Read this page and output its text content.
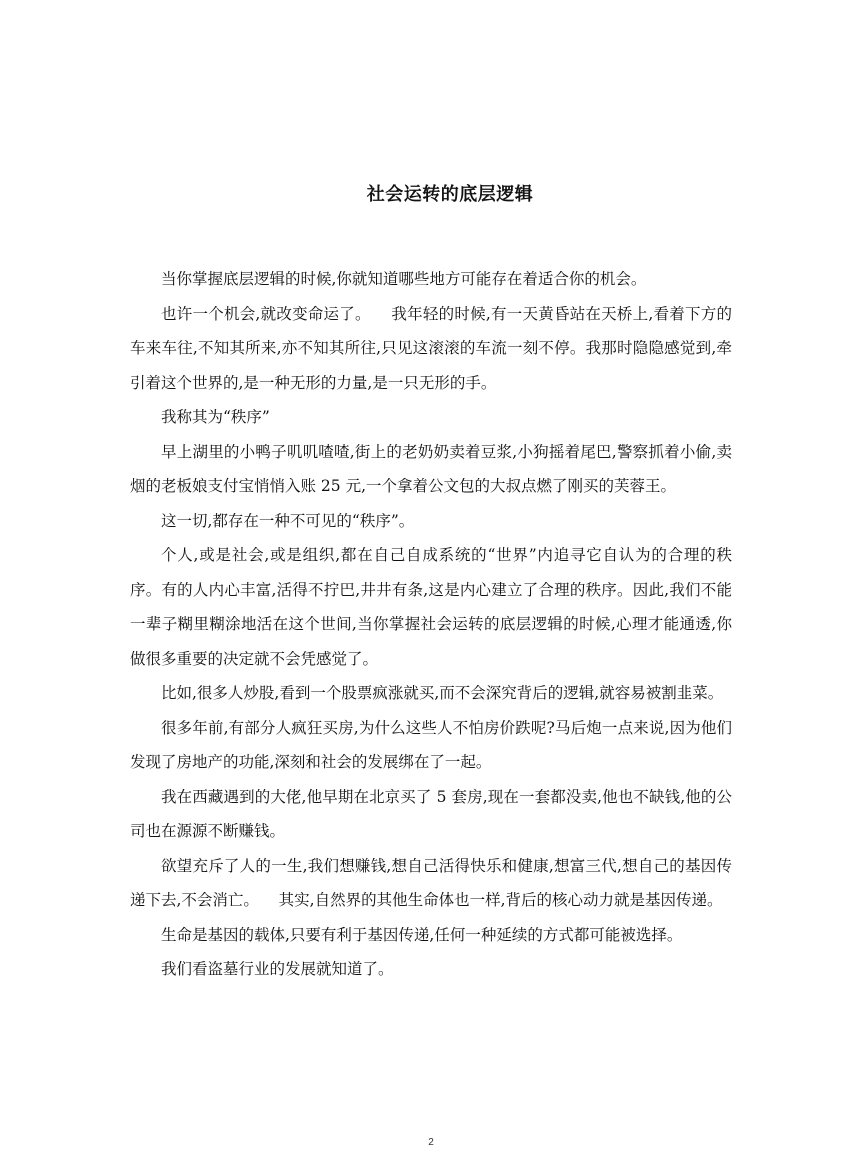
社会运转的底层逻辑

当你掌握底层逻辑的时候,你就知道哪些地方可能存在着适合你的机会。

也许一个机会,就改变命运了。    我年轻的时候,有一天黄昏站在天桥上,看着下方的车来车往,不知其所来,亦不知其所往,只见这滚滚的车流一刻不停。我那时隐隐感觉到,牵引着这个世界的,是一种无形的力量,是一只无形的手。

我称其为“秩序”

早上湖里的小鸭子叽叽喳喳,街上的老奶奶卖着豆浆,小狗摇着尾巴,警察抓着小偷,卖烟的老板娘支付宝悄悄入账 25 元,一个拿着公文包的大叔点燃了刚买的芙蓉王。

这一切,都存在一种不可见的“秩序”。

个人,或是社会,或是组织,都在自己自成系统的“世界”内追寻它自认为的合理的秩序。有的人内心丰富,活得不拧巴,井井有条,这是内心建立了合理的秩序。因此,我们不能一辈子糊里糊涂地活在这个世间,当你掌握社会运转的底层逻辑的时候,心理才能通透,你做很多重要的决定就不会凭感觉了。

比如,很多人炒股,看到一个股票疯涨就买,而不会深究背后的逻辑,就容易被割韭菜。

很多年前,有部分人疯狂买房,为什么这些人不怕房价跌呢?马后炮一点来说,因为他们发现了房地产的功能,深刻和社会的发展绑在了一起。

我在西藏遇到的大佬,他早期在北京买了 5 套房,现在一套都没卖,他也不缺钱,他的公司也在源源不断赚钱。

欲望充斥了人的一生,我们想赚钱,想自己活得快乐和健康,想富三代,想自己的基因传递下去,不会消亡。    其实,自然界的其他生命体也一样,背后的核心动力就是基因传递。

生命是基因的载体,只要有利于基因传递,任何一种延续的方式都可能被选择。

我们看盗墓行业的发展就知道了。

2
